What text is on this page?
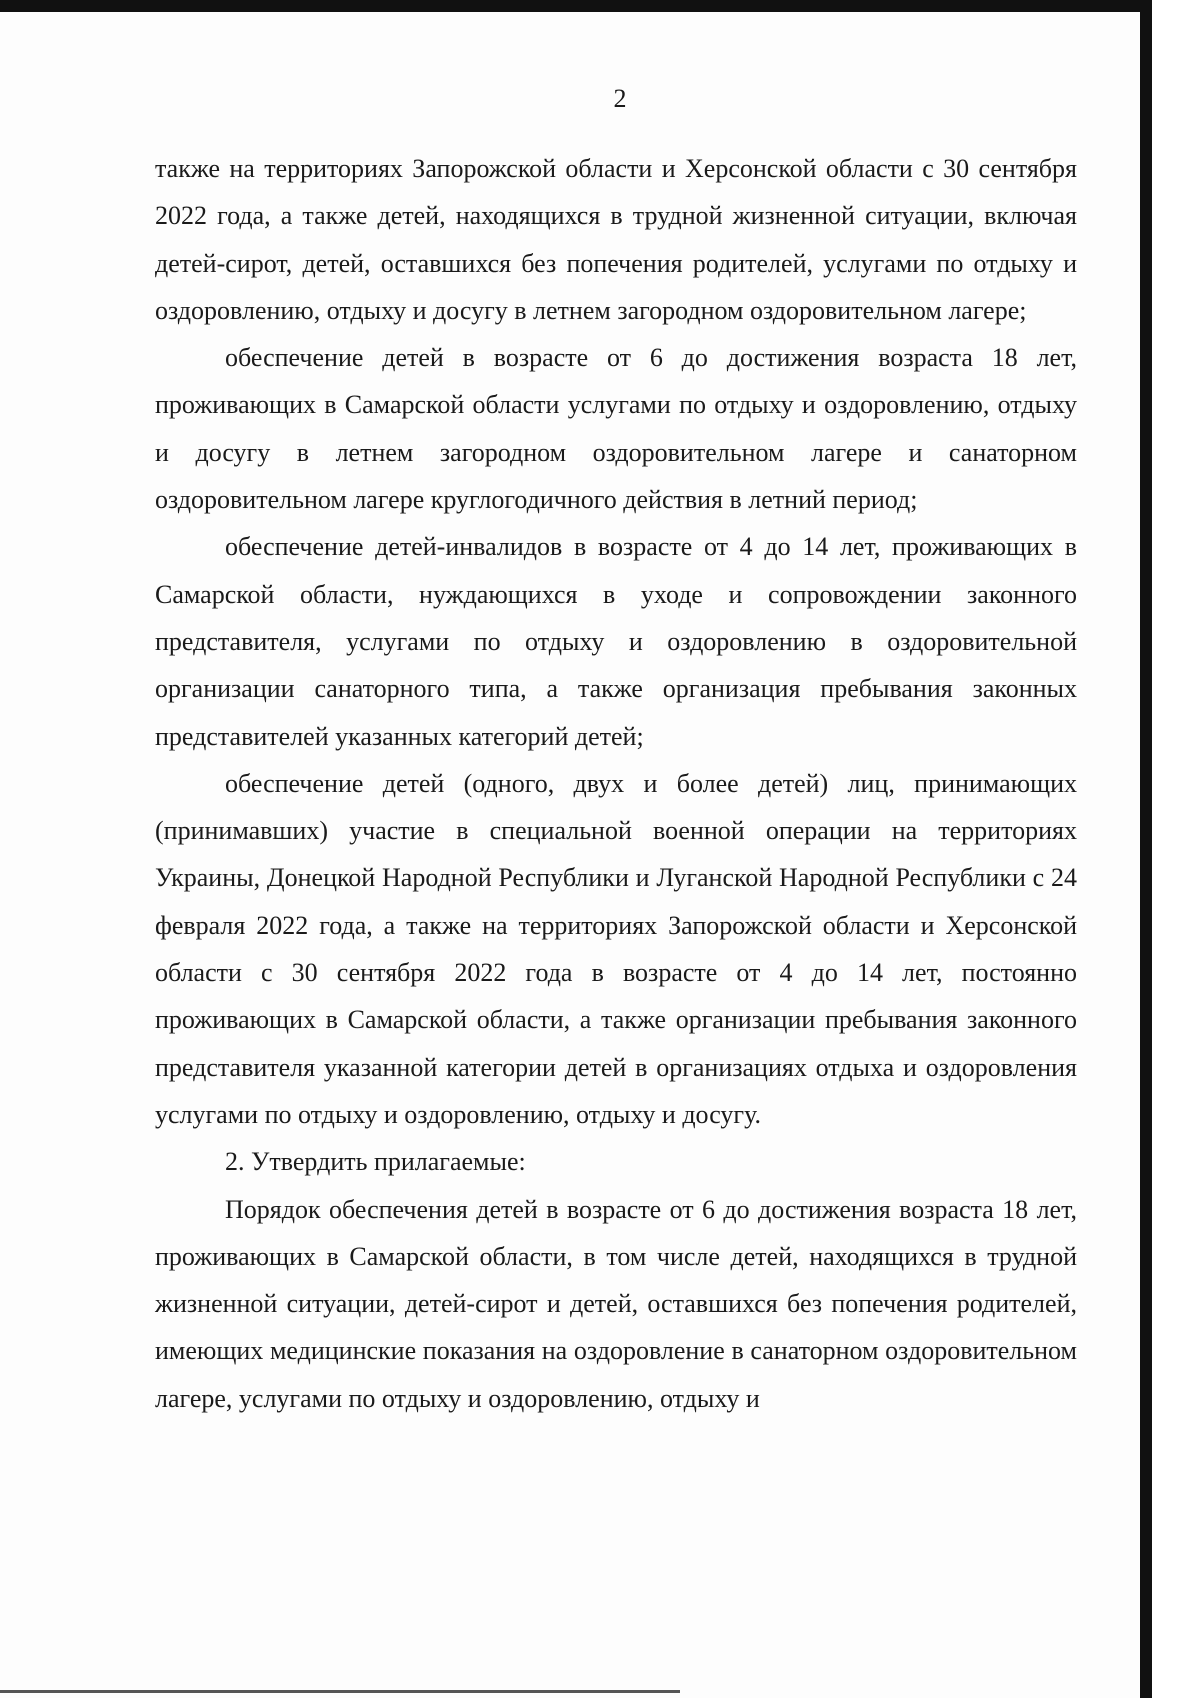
2

также на территориях Запорожской области и Херсонской области с 30 сентября 2022 года, а также детей, находящихся в трудной жизненной ситуации, включая детей-сирот, детей, оставшихся без попечения родителей, услугами по отдыху и оздоровлению, отдыху и досугу в летнем загородном оздоровительном лагере;

обеспечение детей в возрасте от 6 до достижения возраста 18 лет, проживающих в Самарской области услугами по отдыху и оздоровлению, отдыху и досугу в летнем загородном оздоровительном лагере и санаторном оздоровительном лагере круглогодичного действия в летний период;

обеспечение детей-инвалидов в возрасте от 4 до 14 лет, проживающих в Самарской области, нуждающихся в уходе и сопровождении законного представителя, услугами по отдыху и оздоровлению в оздоровительной организации санаторного типа, а также организация пребывания законных представителей указанных категорий детей;

обеспечение детей (одного, двух и более детей) лиц, принимающих (принимавших) участие в специальной военной операции на территориях Украины, Донецкой Народной Республики и Луганской Народной Республики с 24 февраля 2022 года, а также на территориях Запорожской области и Херсонской области с 30 сентября 2022 года в возрасте от 4 до 14 лет, постоянно проживающих в Самарской области, а также организации пребывания законного представителя указанной категории детей в организациях отдыха и оздоровления услугами по отдыху и оздоровлению, отдыху и досугу.

2. Утвердить прилагаемые:

Порядок обеспечения детей в возрасте от 6 до достижения возраста 18 лет, проживающих в Самарской области, в том числе детей, находящихся в трудной жизненной ситуации, детей-сирот и детей, оставшихся без попечения родителей, имеющих медицинские показания на оздоровление в санаторном оздоровительном лагере, услугами по отдыху и оздоровлению, отдыху и
